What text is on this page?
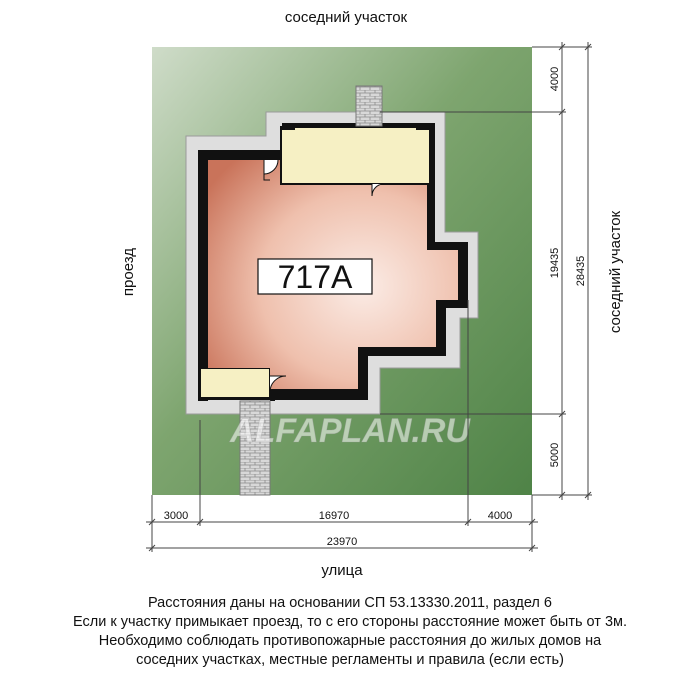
соседний участок
717A
ALFAPLAN.RU
проезд	соседний участок
3000	16970	4000
23970
улица
4000
19435
5000
28435
Расстояния даны на основании СП 53.13330.2011, раздел 6
Если к участку примыкает проезд, то с его стороны расстояние может быть от 3м.
Необходимо соблюдать противопожарные расстояния до жилых домов на
соседних участках, местные регламенты и правила (если есть)
